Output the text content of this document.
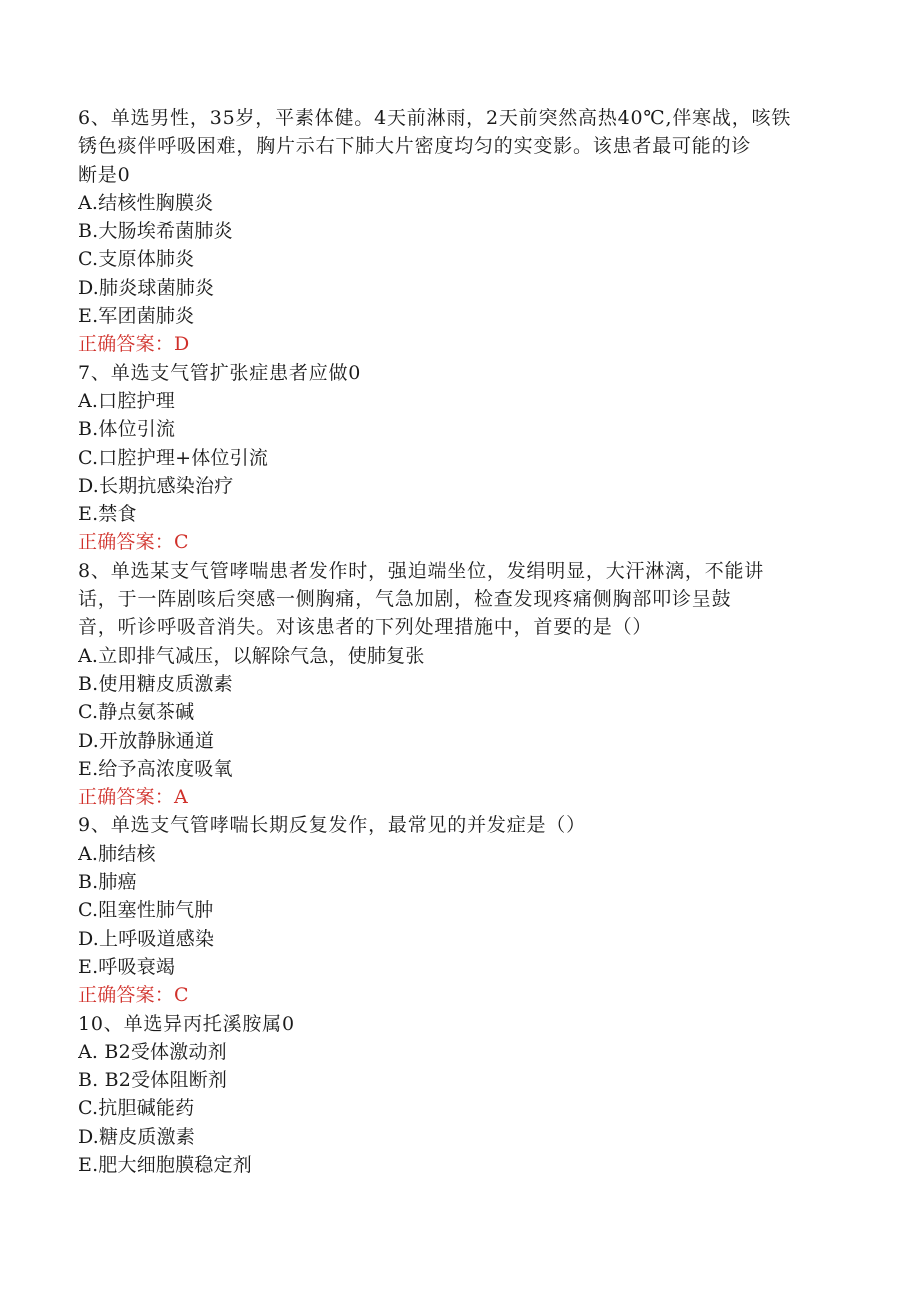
6、单选男性，35岁，平素体健。4天前淋雨，2天前突然高热40℃,伴寒战，咳铁
锈色痰伴呼吸困难，胸片示右下肺大片密度均匀的实变影。该患者最可能的诊
断是0
A.结核性胸膜炎
B.大肠埃希菌肺炎
C.支原体肺炎
D.肺炎球菌肺炎
E.军团菌肺炎
正确答案：D
7、单选支气管扩张症患者应做0
A.口腔护理
B.体位引流
C.口腔护理+体位引流
D.长期抗感染治疗
E.禁食
正确答案：C
8、单选某支气管哮喘患者发作时，强迫端坐位，发绢明显，大汗淋漓，不能讲
话，于一阵剧咳后突感一侧胸痛，气急加剧，检查发现疼痛侧胸部叩诊呈鼓
音，听诊呼吸音消失。对该患者的下列处理措施中，首要的是（）
A.立即排气减压，以解除气急，使肺复张
B.使用糖皮质激素
C.静点氨茶碱
D.开放静脉通道
E.给予高浓度吸氧
正确答案：A
9、单选支气管哮喘长期反复发作，最常见的并发症是（）
A.肺结核
B.肺癌
C.阻塞性肺气肿
D.上呼吸道感染
E.呼吸衰竭
正确答案：C
10、单选异丙托溪胺属0
A. B2受体激动剂
B. B2受体阻断剂
C.抗胆碱能药
D.糖皮质激素
E.肥大细胞膜稳定剂
